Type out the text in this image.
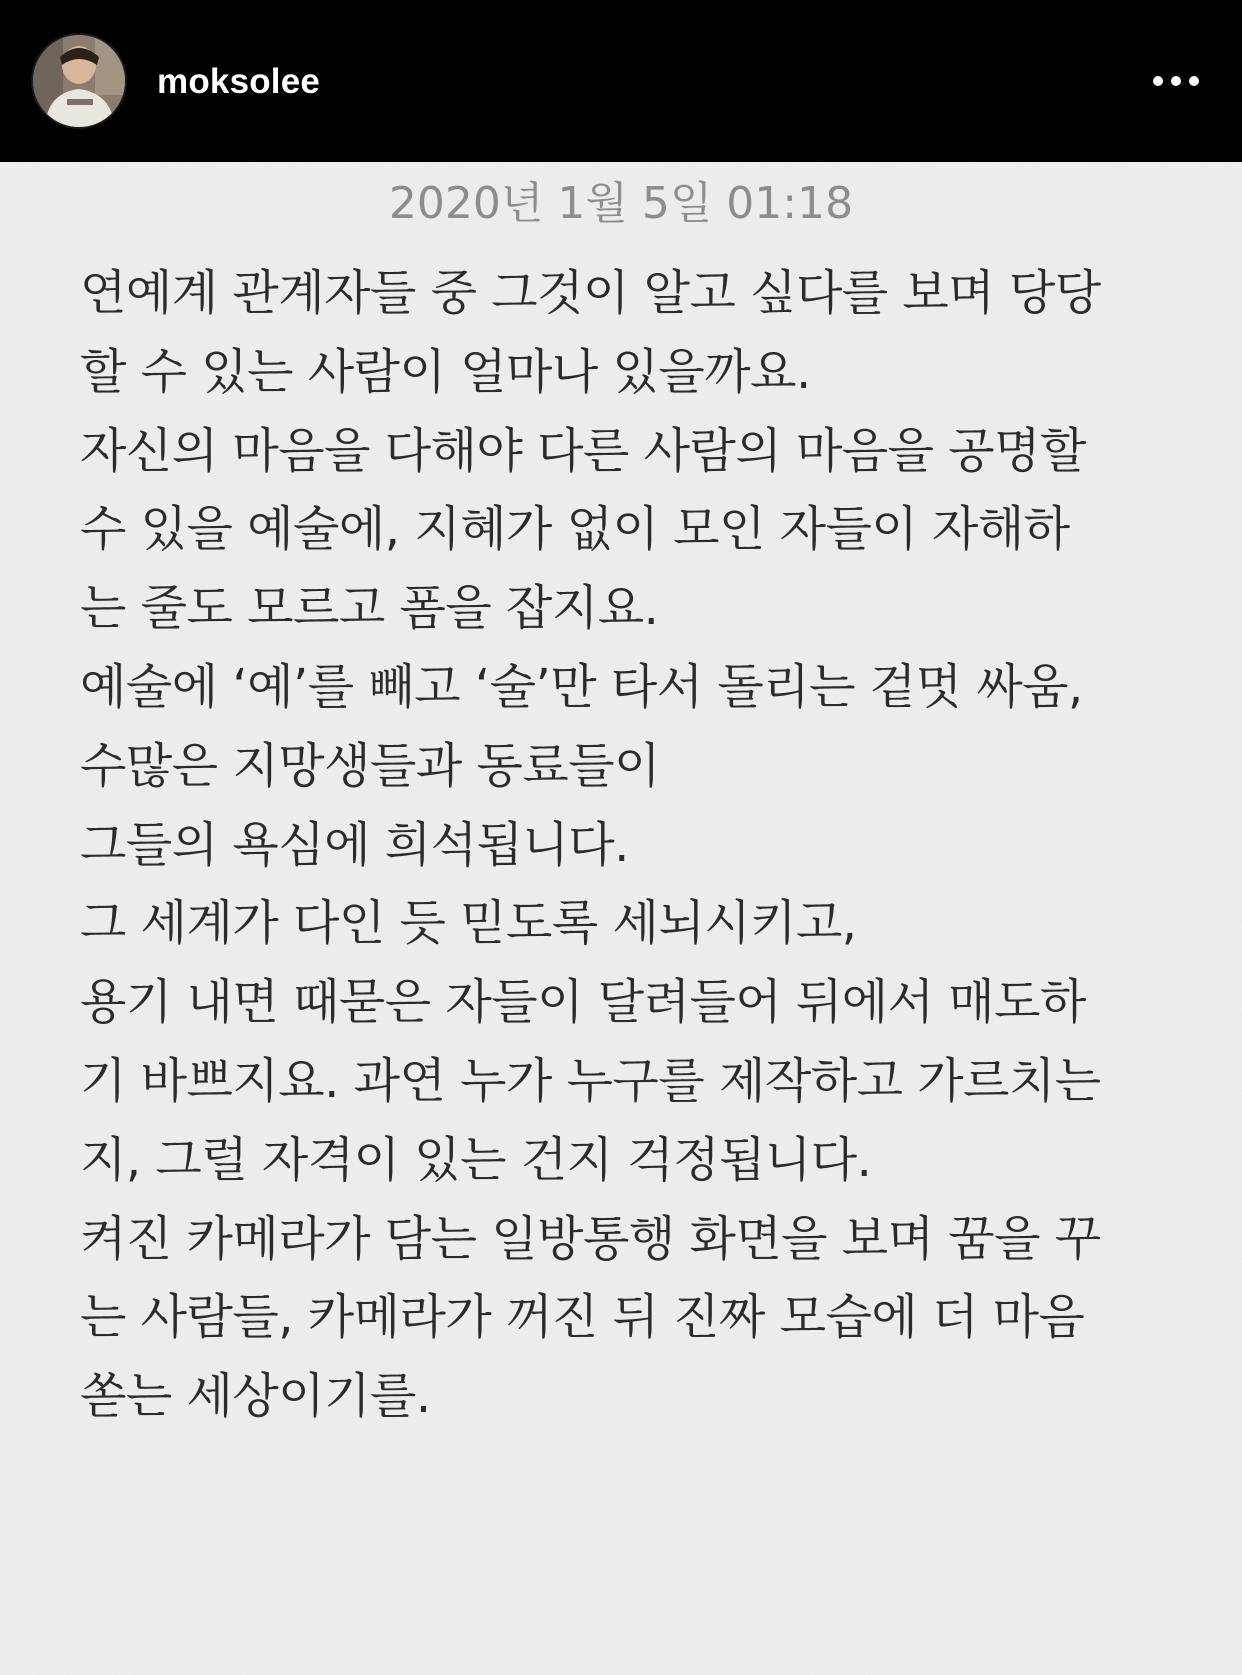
moksolee
2020년 1월 5일 01:18
연예계 관계자들 중 그것이 알고 싶다를 보며 당당
할 수 있는 사람이 얼마나 있을까요.
자신의 마음을 다해야 다른 사람의 마음을 공명할
수 있을 예술에, 지혜가 없이 모인 자들이 자해하
는 줄도 모르고 폼을 잡지요.
예술에 ‘예’를 빼고 ‘술’만 타서 돌리는 겉멋 싸움,
수많은 지망생들과 동료들이
그들의 욕심에 희석됩니다.
그 세계가 다인 듯 믿도록 세뇌시키고,
용기 내면 때묻은 자들이 달려들어 뒤에서 매도하
기 바쁘지요. 과연 누가 누구를 제작하고 가르치는
지, 그럴 자격이 있는 건지 걱정됩니다.
켜진 카메라가 담는 일방통행 화면을 보며 꿈을 꾸
는 사람들, 카메라가 꺼진 뒤 진짜 모습에 더 마음
쏟는 세상이기를.
